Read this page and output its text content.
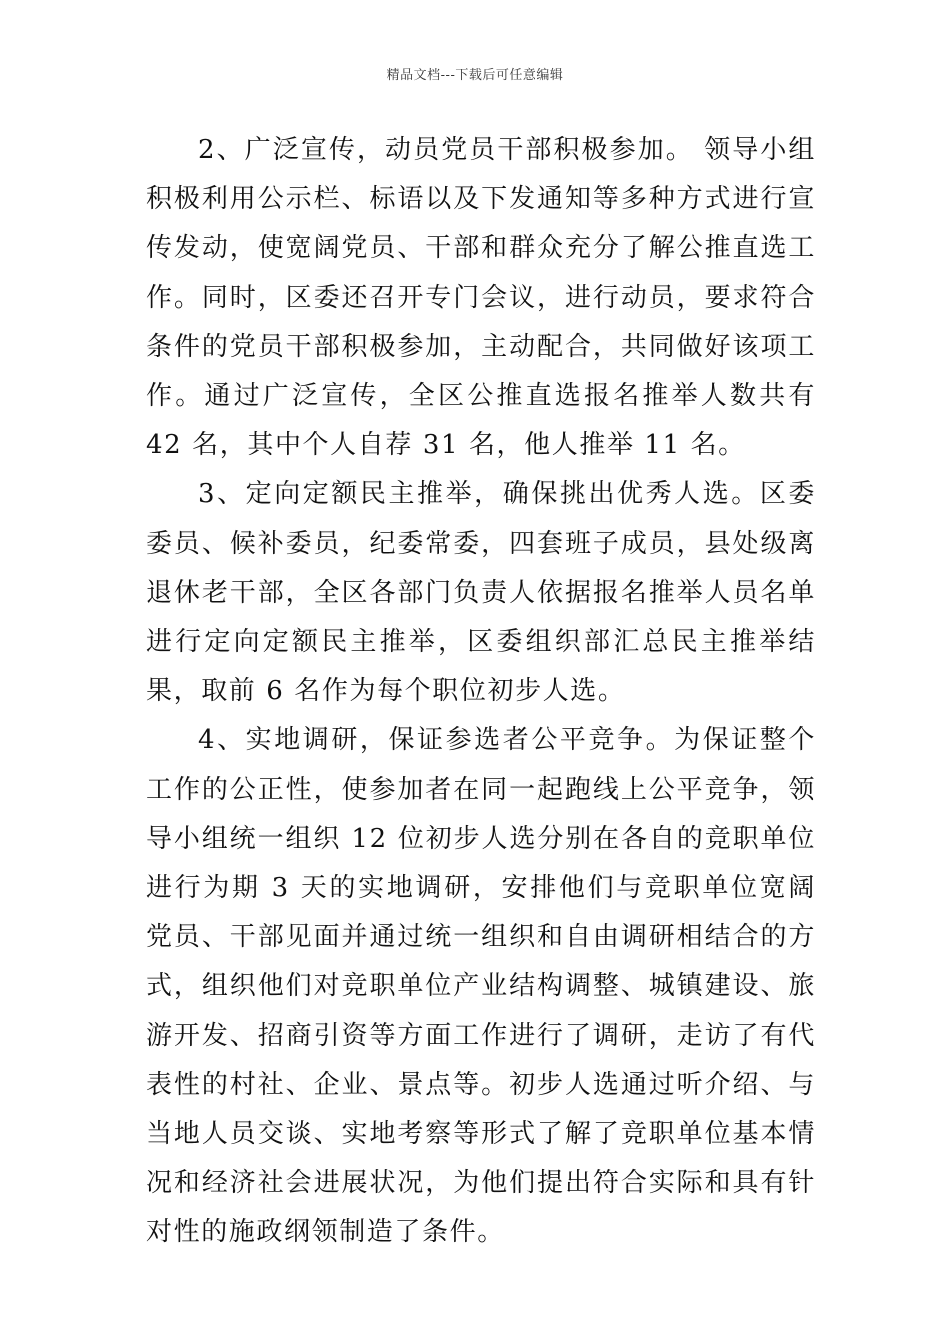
精品文档---下载后可任意编辑

2、广泛宣传，动员党员干部积极参加。 领导小组积极利用公示栏、标语以及下发通知等多种方式进行宣传发动，使宽阔党员、干部和群众充分了解公推直选工作。同时，区委还召开专门会议，进行动员，要求符合条件的党员干部积极参加，主动配合，共同做好该项工作。通过广泛宣传，全区公推直选报名推举人数共有 42 名，其中个人自荐 31 名，他人推举 11 名。

3、定向定额民主推举，确保挑出优秀人选。区委委员、候补委员，纪委常委，四套班子成员，县处级离退休老干部，全区各部门负责人依据报名推举人员名单进行定向定额民主推举，区委组织部汇总民主推举结果，取前 6 名作为每个职位初步人选。

4、实地调研，保证参选者公平竞争。为保证整个工作的公正性，使参加者在同一起跑线上公平竞争，领导小组统一组织 12 位初步人选分别在各自的竞职单位进行为期 3 天的实地调研，安排他们与竞职单位宽阔党员、干部见面并通过统一组织和自由调研相结合的方式，组织他们对竞职单位产业结构调整、城镇建设、旅游开发、招商引资等方面工作进行了调研，走访了有代表性的村社、企业、景点等。初步人选通过听介绍、与当地人员交谈、实地考察等形式了解了竞职单位基本情况和经济社会进展状况，为他们提出符合实际和具有针对性的施政纲领制造了条件。
